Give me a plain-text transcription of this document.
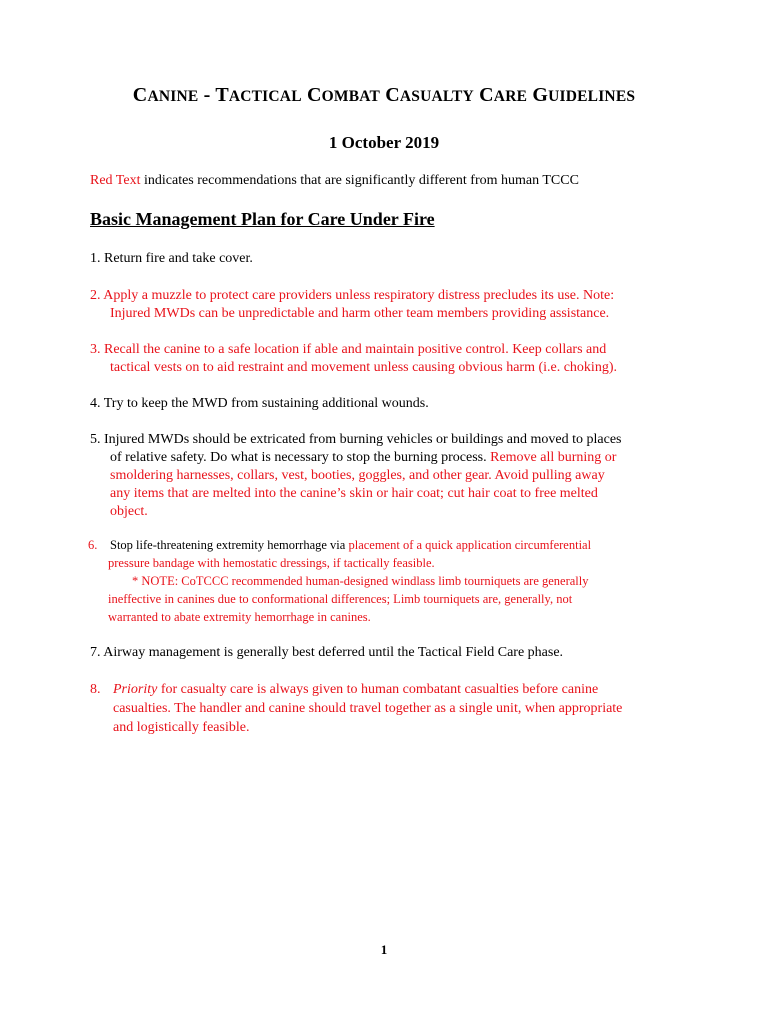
CANINE - TACTICAL COMBAT CASUALTY CARE GUIDELINES
1 October 2019
Red Text indicates recommendations that are significantly different from human TCCC
Basic Management Plan for Care Under Fire
1. Return fire and take cover.
2. Apply a muzzle to protect care providers unless respiratory distress precludes its use. Note:
Injured MWDs can be unpredictable and harm other team members providing assistance.
3. Recall the canine to a safe location if able and maintain positive control. Keep collars and
tactical vests on to aid restraint and movement unless causing obvious harm (i.e. choking).
4. Try to keep the MWD from sustaining additional wounds.
5. Injured MWDs should be extricated from burning vehicles or buildings and moved to places
of relative safety. Do what is necessary to stop the burning process. Remove all burning or
smoldering harnesses, collars, vest, booties, goggles, and other gear. Avoid pulling away
any items that are melted into the canine’s skin or hair coat; cut hair coat to free melted
object.
6. Stop life-threatening extremity hemorrhage via placement of a quick application circumferential
pressure bandage with hemostatic dressings, if tactically feasible.
* NOTE: CoTCCC recommended human-designed windlass limb tourniquets are generally
ineffective in canines due to conformational differences; Limb tourniquets are, generally, not
warranted to abate extremity hemorrhage in canines.
7. Airway management is generally best deferred until the Tactical Field Care phase.
8. Priority for casualty care is always given to human combatant casualties before canine
casualties. The handler and canine should travel together as a single unit, when appropriate
and logistically feasible.
1
